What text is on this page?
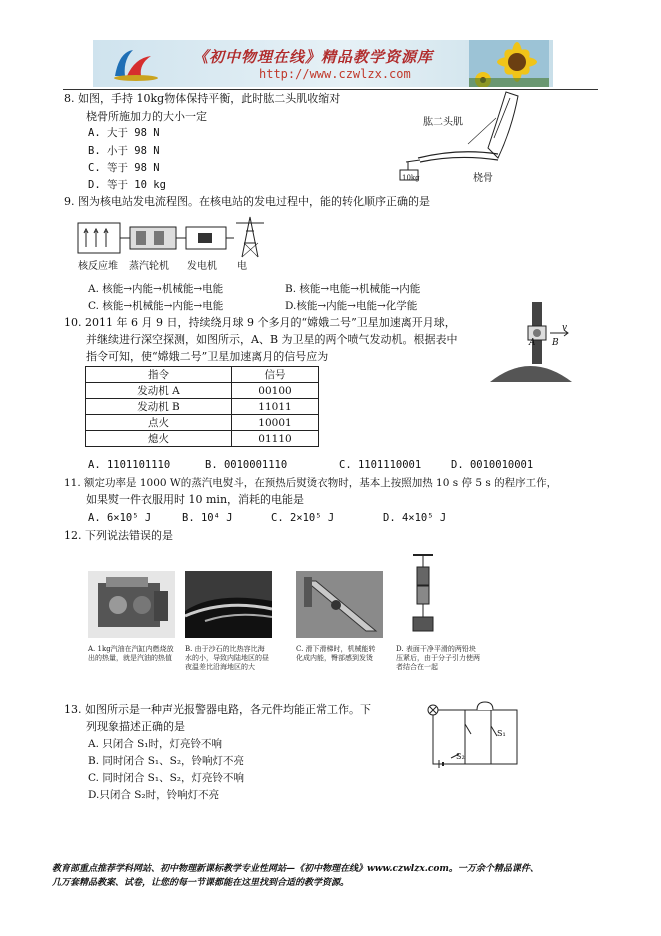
《初中物理在线》精品教学资源库
http://www.czwlzx.com
8. 如图，手持 10kg物体保持平衡，此时肱二头肌收缩对
桡骨所施加力的大小一定
A. 大于 98 N
B. 小于 98 N
C. 等于 98 N
D. 等于 10 kg
肱二头肌
桡骨
10kg
9. 图为核电站发电流程图。在核电站的发电过程中，能的转化顺序正确的是
核反应堆 蒸汽轮机 发电机 电
A. 核能→内能→机械能→电能	B. 核能→电能→机械能→内能
C. 核能→机械能→内能→电能	D.核能→内能→电能→化学能
10. 2011 年 6 月 9 日，持续绕月球 9 个多月的“嫦娥二号”卫星加速离开月球，
并继续进行深空探测，如图所示，A、B 为卫星的两个喷气发动机。根据表中
指令可知，使“嫦娥二号”卫星加速离月的信号应为
指令	信号
发动机 A	00100
发动机 B	11011
点火	10001
熄火	01110
A B
v
A. 1101101110	B. 0010001110	C. 1101110001	D. 0010010001
11. 额定功率是 1000 W的蒸汽电熨斗，在预热后熨烫衣物时，基本上按照加热 10 s 停 5 s 的程序工作，
如果熨一件衣服用时 10 min，消耗的电能是
A. 6×10⁵ J	B. 10⁴ J	C. 2×10⁵ J	D. 4×10⁵ J
12. 下列说法错误的是
A. 1kg汽油在汽缸内燃烧放出的热量，就是汽油的热值
B. 由于沙石的比热容比海水的小，导致内陆地区的昼夜温差比沿海地区的大
C. 滑下滑梯时，机械能转化成内能，臀部感到发烫
D. 表面干净平滑的两铅块压紧后，由于分子引力使两者结合在一起
13. 如图所示是一种声光报警器电路，各元件均能正常工作。下
列现象描述正确的是
A. 只闭合 S₁时，灯亮铃不响
B. 同时闭合 S₁、S₂，铃响灯不亮
C. 同时闭合 S₁、S₂，灯亮铃不响
D.只闭合 S₂时，铃响灯不亮
S₁
S₂
教育部重点推荐学科网站、初中物理新课标教学专业性网站—《初中物理在线》www.czwlzx.com。一万余个精品课件、
几万套精品教案、试卷，让您的每一节课都能在这里找到合适的教学资源。
